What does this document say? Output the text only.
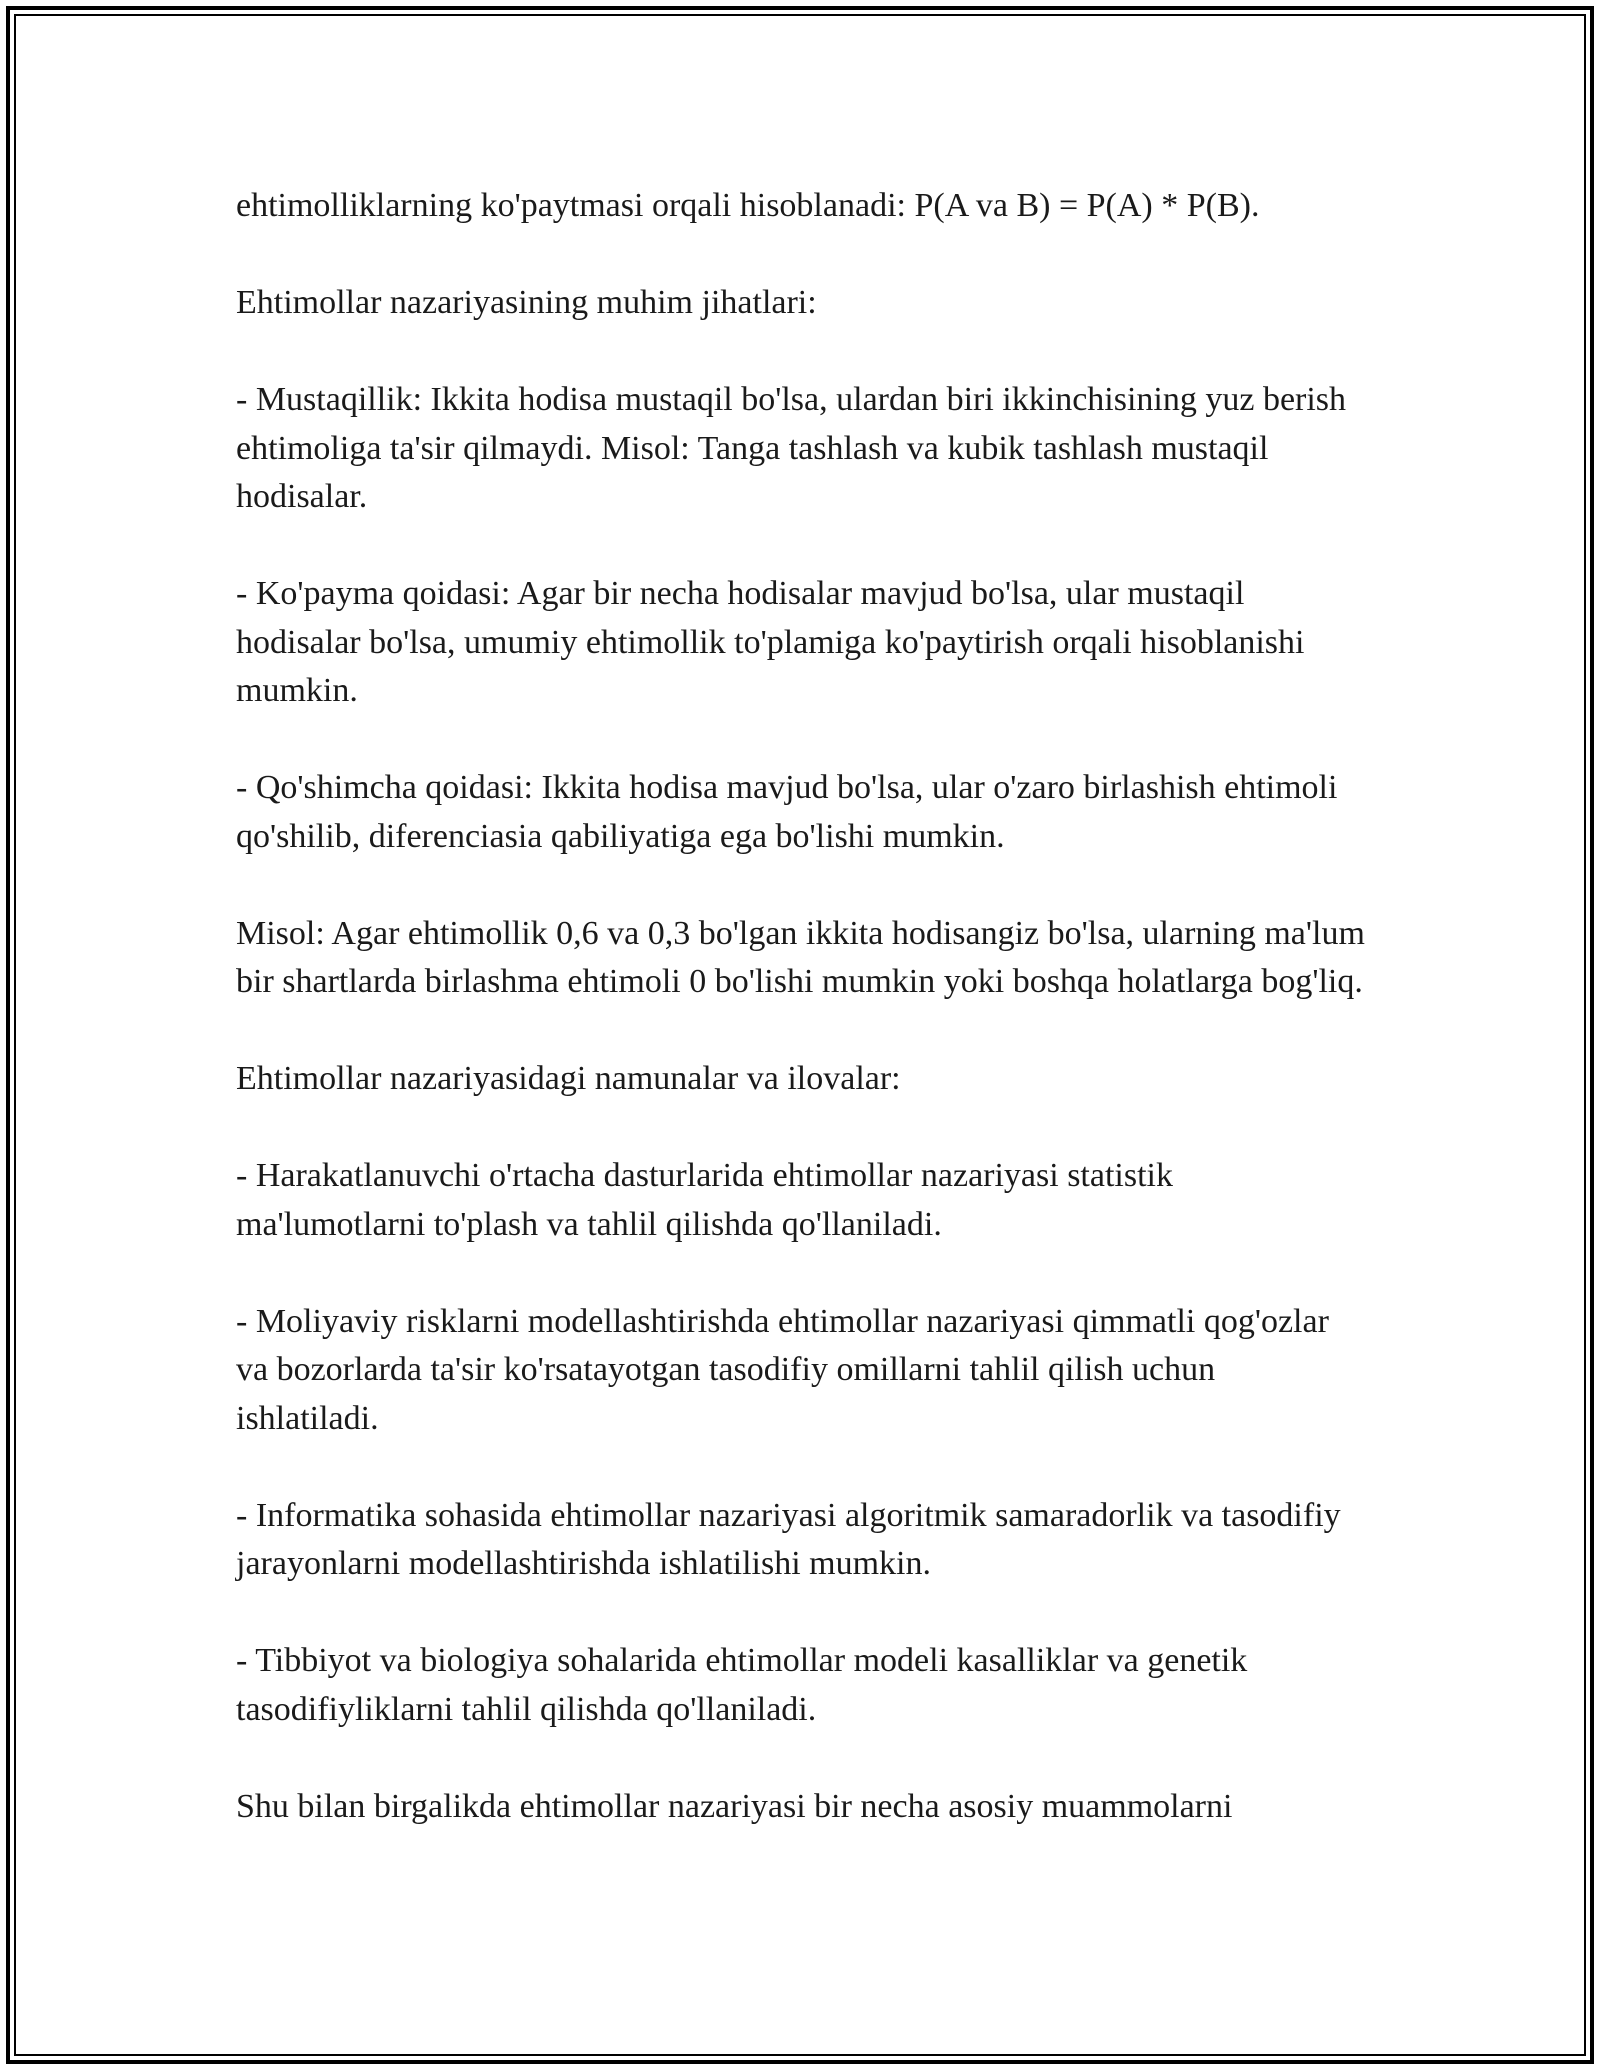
ehtimolliklarning ko'paytmasi orqali hisoblanadi: P(A va B) = P(A) * P(B).

Ehtimollar nazariyasining muhim jihatlari:

- Mustaqillik: Ikkita hodisa mustaqil bo'lsa, ulardan biri ikkinchisining yuz berish ehtimoliga ta'sir qilmaydi. Misol: Tanga tashlash va kubik tashlash mustaqil hodisalar.

- Ko'payma qoidasi: Agar bir necha hodisalar mavjud bo'lsa, ular mustaqil hodisalar bo'lsa, umumiy ehtimollik to'plamiga ko'paytirish orqali hisoblanishi mumkin.

- Qo'shimcha qoidasi: Ikkita hodisa mavjud bo'lsa, ular o'zaro birlashish ehtimoli qo'shilib, diferenciasia qabiliyatiga ega bo'lishi mumkin.

Misol: Agar ehtimollik 0,6 va 0,3 bo'lgan ikkita hodisangiz bo'lsa, ularning ma'lum bir shartlarda birlashma ehtimoli 0 bo'lishi mumkin yoki boshqa holatlarga bog'liq.

Ehtimollar nazariyasidagi namunalar va ilovalar:

- Harakatlanuvchi o'rtacha dasturlarida ehtimollar nazariyasi statistik ma'lumotlarni to'plash va tahlil qilishda qo'llaniladi.

- Moliyaviy risklarni modellashtirishda ehtimollar nazariyasi qimmatli qog'ozlar va bozorlarda ta'sir ko'rsatayotgan tasodifiy omillarni tahlil qilish uchun ishlatiladi.

- Informatika sohasida ehtimollar nazariyasi algoritmik samaradorlik va tasodifiy jarayonlarni modellashtirishda ishlatilishi mumkin.

- Tibbiyot va biologiya sohalarida ehtimollar modeli kasalliklar va genetik tasodifiyliklarni tahlil qilishda qo'llaniladi.

Shu bilan birgalikda ehtimollar nazariyasi bir necha asosiy muammolarni
